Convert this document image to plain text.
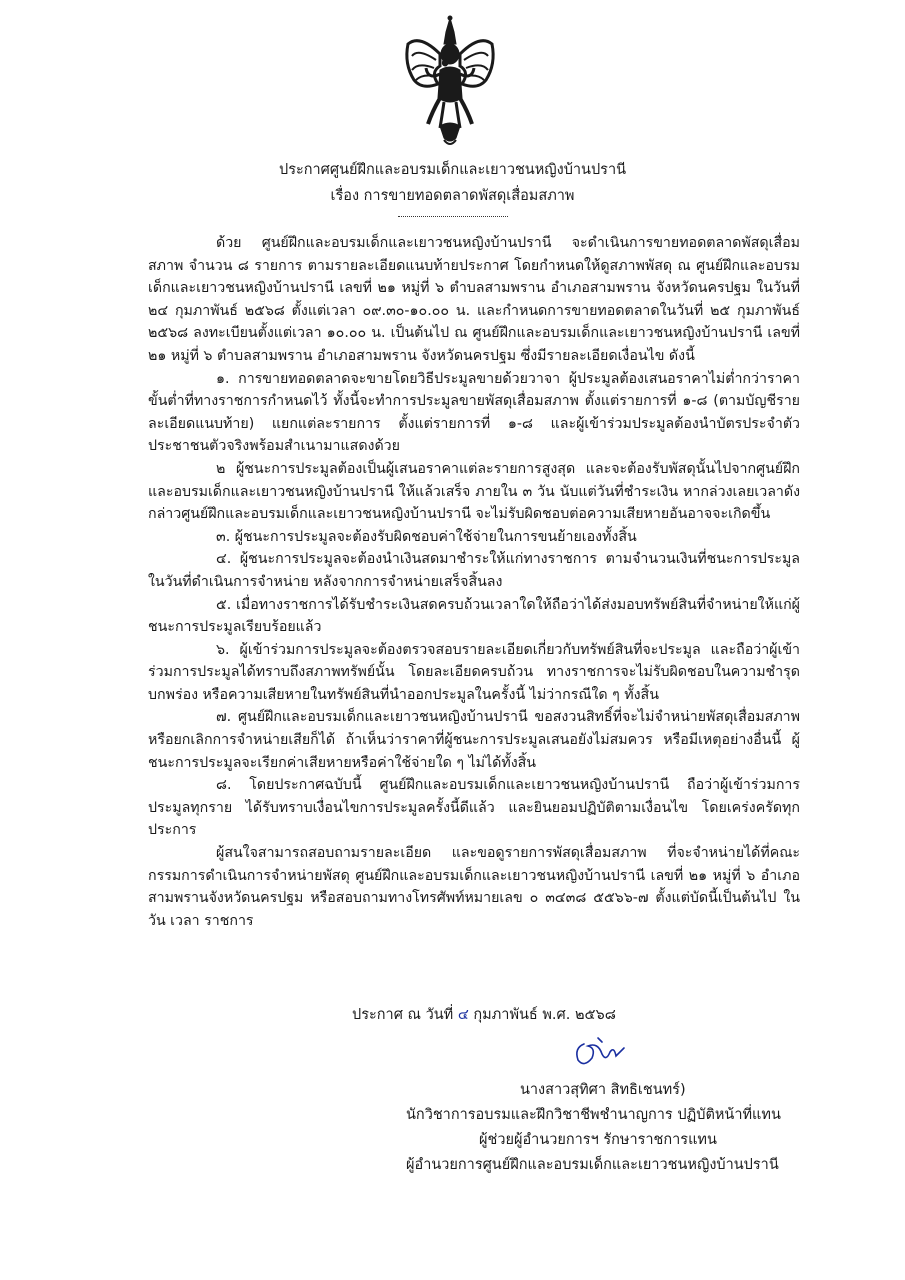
ประกาศศูนย์ฝึกและอบรมเด็กและเยาวชนหญิงบ้านปรานี
เรื่อง การขายทอดตลาดพัสดุเสื่อมสภาพ

ด้วย ศูนย์ฝึกและอบรมเด็กและเยาวชนหญิงบ้านปรานี จะดำเนินการขายทอดตลาดพัสดุเสื่อมสภาพ จำนวน ๘ รายการ ตามรายละเอียดแนบท้ายประกาศ โดยกำหนดให้ดูสภาพพัสดุ ณ ศูนย์ฝึกและอบรมเด็กและเยาวชนหญิงบ้านปรานี เลขที่ ๒๑ หมู่ที่ ๖ ตำบลสามพราน อำเภอสามพราน จังหวัดนครปฐม ในวันที่ ๒๔ กุมภาพันธ์ ๒๕๖๘ ตั้งแต่เวลา ๐๙.๓๐-๑๐.๐๐ น. และกำหนดการขายทอดตลาดในวันที่ ๒๕ กุมภาพันธ์ ๒๕๖๘ ลงทะเบียนตั้งแต่เวลา ๑๐.๐๐ น. เป็นต้นไป ณ ศูนย์ฝึกและอบรมเด็กและเยาวชนหญิงบ้านปรานี เลขที่ ๒๑ หมู่ที่ ๖ ตำบลสามพราน อำเภอสามพราน จังหวัดนครปฐม ซึ่งมีรายละเอียดเงื่อนไข ดังนี้

๑. การขายทอดตลาดจะขายโดยวิธีประมูลขายด้วยวาจา ผู้ประมูลต้องเสนอราคาไม่ต่ำกว่าราคาขั้นต่ำที่ทางราชการกำหนดไว้ ทั้งนี้จะทำการประมูลขายพัสดุเสื่อมสภาพ ตั้งแต่รายการที่ ๑-๘ (ตามบัญชีรายละเอียดแนบท้าย) แยกแต่ละรายการ ตั้งแต่รายการที่ ๑-๘ และผู้เข้าร่วมประมูลต้องนำบัตรประจำตัวประชาชนตัวจริงพร้อมสำเนามาแสดงด้วย

๒ ผู้ชนะการประมูลต้องเป็นผู้เสนอราคาแต่ละรายการสูงสุด และจะต้องรับพัสดุนั้นไปจากศูนย์ฝึกและอบรมเด็กและเยาวชนหญิงบ้านปรานี ให้แล้วเสร็จ ภายใน ๓ วัน นับแต่วันที่ชำระเงิน หากล่วงเลยเวลาดังกล่าวศูนย์ฝึกและอบรมเด็กและเยาวชนหญิงบ้านปรานี จะไม่รับผิดชอบต่อความเสียหายอันอาจจะเกิดขึ้น

๓. ผู้ชนะการประมูลจะต้องรับผิดชอบค่าใช้จ่ายในการขนย้ายเองทั้งสิ้น

๔. ผู้ชนะการประมูลจะต้องนำเงินสดมาชำระให้แก่ทางราชการ ตามจำนวนเงินที่ชนะการประมูลในวันที่ดำเนินการจำหน่าย หลังจากการจำหน่ายเสร็จสิ้นลง

๕. เมื่อทางราชการได้รับชำระเงินสดครบถ้วนเวลาใดให้ถือว่าได้ส่งมอบทรัพย์สินที่จำหน่ายให้แก่ผู้ชนะการประมูลเรียบร้อยแล้ว

๖. ผู้เข้าร่วมการประมูลจะต้องตรวจสอบรายละเอียดเกี่ยวกับทรัพย์สินที่จะประมูล และถือว่าผู้เข้าร่วมการประมูลได้ทราบถึงสภาพทรัพย์นั้น โดยละเอียดครบถ้วน ทางราชการจะไม่รับผิดชอบในความชำรุดบกพร่อง หรือความเสียหายในทรัพย์สินที่นำออกประมูลในครั้งนี้ ไม่ว่ากรณีใด ๆ ทั้งสิ้น

๗. ศูนย์ฝึกและอบรมเด็กและเยาวชนหญิงบ้านปรานี ขอสงวนสิทธิ์ที่จะไม่จำหน่ายพัสดุเสื่อมสภาพหรือยกเลิกการจำหน่ายเสียก็ได้ ถ้าเห็นว่าราคาที่ผู้ชนะการประมูลเสนอยังไม่สมควร หรือมีเหตุอย่างอื่นนี้ ผู้ชนะการประมูลจะเรียกค่าเสียหายหรือค่าใช้จ่ายใด ๆ ไม่ได้ทั้งสิ้น

๘. โดยประกาศฉบับนี้ ศูนย์ฝึกและอบรมเด็กและเยาวชนหญิงบ้านปรานี ถือว่าผู้เข้าร่วมการประมูลทุกราย ได้รับทราบเงื่อนไขการประมูลครั้งนี้ดีแล้ว และยินยอมปฏิบัติตามเงื่อนไข โดยเคร่งครัดทุกประการ

ผู้สนใจสามารถสอบถามรายละเอียด และขอดูรายการพัสดุเสื่อมสภาพ ที่จะจำหน่ายได้ที่คณะกรรมการดำเนินการจำหน่ายพัสดุ ศูนย์ฝึกและอบรมเด็กและเยาวชนหญิงบ้านปรานี เลขที่ ๒๑ หมู่ที่ ๖ อำเภอสามพรานจังหวัดนครปฐม หรือสอบถามทางโทรศัพท์หมายเลข ๐ ๓๔๓๘ ๕๕๖๖-๗ ตั้งแต่บัดนี้เป็นต้นไป ในวัน เวลา ราชการ

ประกาศ ณ วันที่ ๔ กุมภาพันธ์ พ.ศ. ๒๕๖๘
นางสาวสุทิศา สิทธิเชนทร์)
นักวิชาการอบรมและฝึกวิชาชีพชำนาญการ ปฏิบัติหน้าที่แทน
ผู้ช่วยผู้อำนวยการฯ รักษาราชการแทน
ผู้อำนวยการศูนย์ฝึกและอบรมเด็กและเยาวชนหญิงบ้านปรานี
